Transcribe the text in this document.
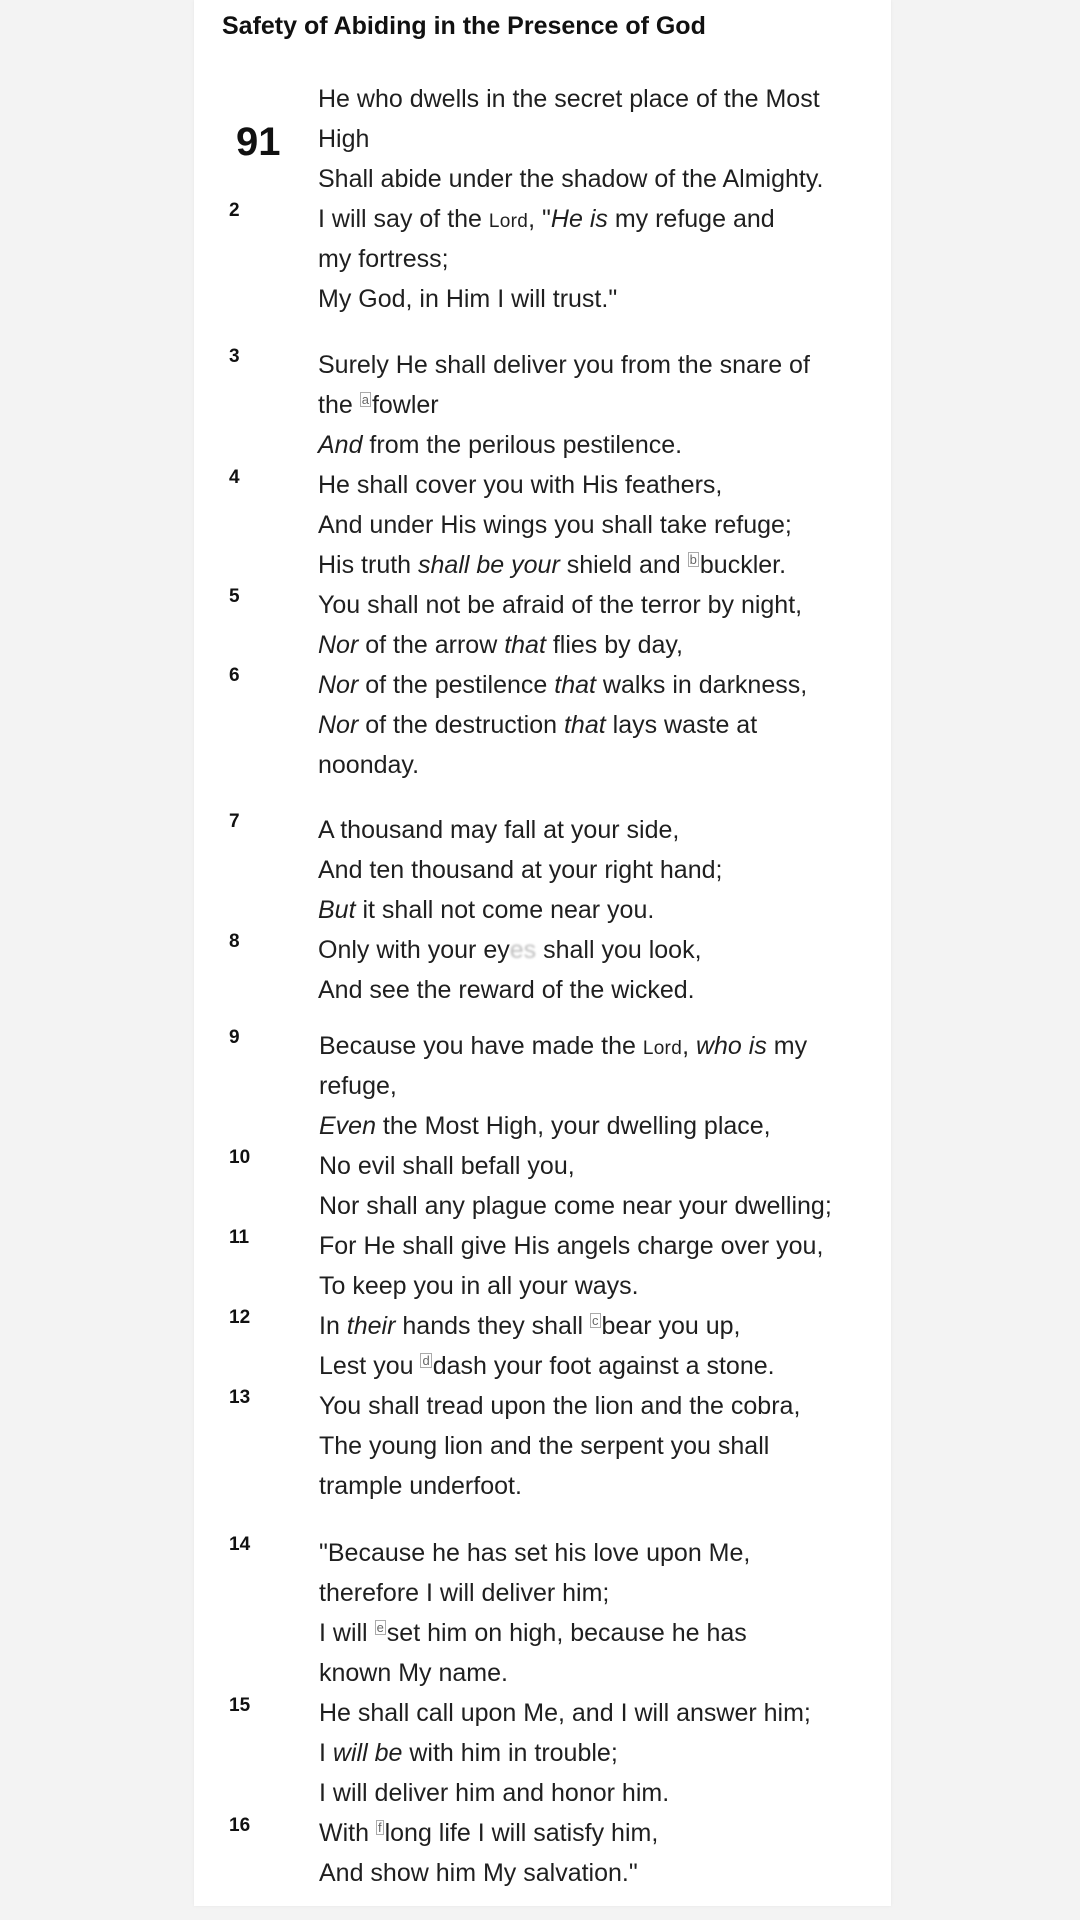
Safety of Abiding in the Presence of God
91
2
3
4
5
6
7
8
9
10
11
12
13
14
15
16
He who dwells in the secret place of the Most
High
Shall abide under the shadow of the Almighty.
I will say of the Lord, "He is my refuge and
my fortress;
My God, in Him I will trust."
Surely He shall deliver you from the snare of
the a fowler
And from the perilous pestilence.
He shall cover you with His feathers,
And under His wings you shall take refuge;
His truth shall be your shield and b buckler.
You shall not be afraid of the terror by night,
Nor of the arrow that flies by day,
Nor of the pestilence that walks in darkness,
Nor of the destruction that lays waste at
noonday.
A thousand may fall at your side,
And ten thousand at your right hand;
But it shall not come near you.
Only with your eyes shall you look,
And see the reward of the wicked.
Because you have made the Lord, who is my
refuge,
Even the Most High, your dwelling place,
No evil shall befall you,
Nor shall any plague come near your dwelling;
For He shall give His angels charge over you,
To keep you in all your ways.
In their hands they shall c bear you up,
Lest you d dash your foot against a stone.
You shall tread upon the lion and the cobra,
The young lion and the serpent you shall
trample underfoot.
"Because he has set his love upon Me,
therefore I will deliver him;
I will e set him on high, because he has
known My name.
He shall call upon Me, and I will answer him;
I will be with him in trouble;
I will deliver him and honor him.
With f long life I will satisfy him,
And show him My salvation."
